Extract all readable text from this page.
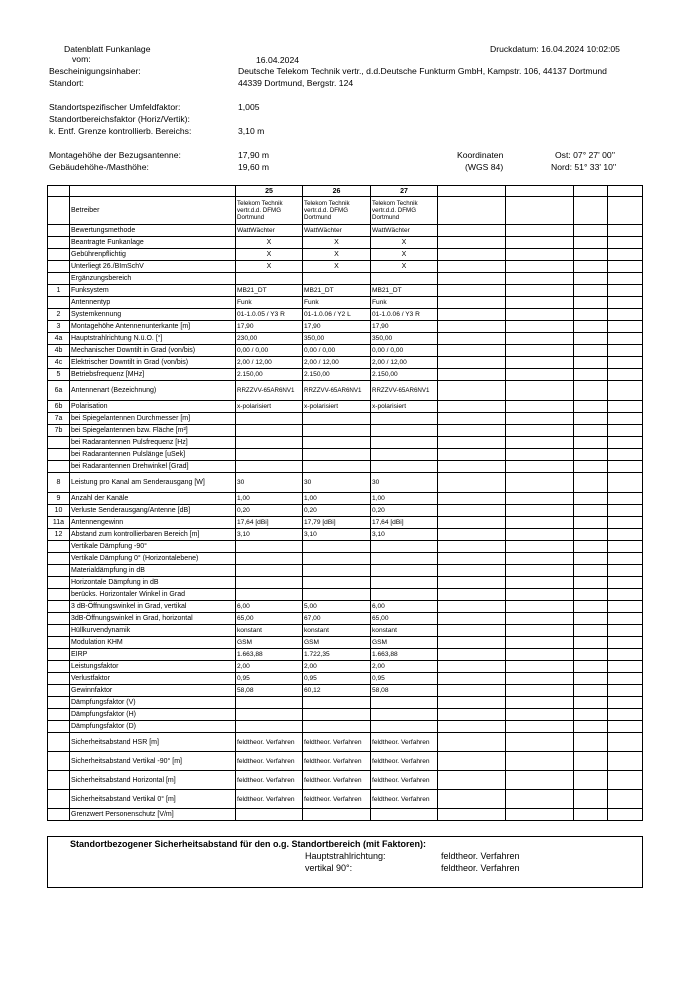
Datenblatt Funkanlage	Druckdatum: 16.04.2024 10:02:05
vom:	16.04.2024
Bescheinigungsinhaber:	Deutsche Telekom Technik vertr., d.d.Deutsche Funkturm GmbH, Kampstr. 106, 44137 Dortmund
Standort:	44339 Dortmund, Bergstr. 124
Standortspezifischer Umfeldfaktor:	1,005
Standortbereichsfaktor (Horiz/Vertik):
k. Entf. Grenze kontrollierb. Bereichs:	3,10 m
Montagehöhe der Bezugsantenne:	17,90 m
Gebäudehöhe-/Masthöhe:	19,60 m
Koordinaten
(WGS 84)
Ost: 07° 27' 00''
Nord: 51° 33' 10''
		25	26	27				
	Betreiber	Telekom Technik vertr.d.d. DFMG Dortmund	Telekom Technik vertr.d.d. DFMG Dortmund	Telekom Technik vertr.d.d. DFMG Dortmund				
	Bewertungsmethode	WattWächter	WattWächter	WattWächter				
	Beantragte Funkanlage	X	X	X				
	Gebührenpflichtig	X	X	X				
	Unterliegt 26./BImSchV	X	X	X				
	Ergänzungsbereich							
1	Funksystem	MB21_DT	MB21_DT	MB21_DT				
	Antennentyp	Funk	Funk	Funk				
2	Systemkennung	01-1.0.05 / Y3 R	01-1.0.06 / Y2 L	01-1.0.06 / Y3 R				
3	Montagehöhe Antennenunterkante [m]	17,90	17,90	17,90				
4a	Hauptstrahlrichtung N.ü.O. [°]	230,00	350,00	350,00				
4b	Mechanischer Downtilt in Grad (von/bis)	0,00 / 0,00	0,00 / 0,00	0,00 / 0,00				
4c	Elektrischer Downtilt in Grad (von/bis)	2,00 / 12,00	2,00 / 12,00	2,00 / 12,00				
5	Betriebsfrequenz [MHz]	2.150,00	2.150,00	2.150,00				
6a	Antennenart (Bezeichnung)	RRZZVV-65AR6NV1	RRZZVV-65AR6NV1	RRZZVV-65AR6NV1				
6b	Polarisation	x-polarisiert	x-polarisiert	x-polarisiert				
7a	bei Spiegelantennen Durchmesser [m]							
7b	bei Spiegelantennen bzw. Fläche [m²]							
	bei Radarantennen Pulsfrequenz [Hz]							
	bei Radarantennen Pulslänge [uSek]							
	bei Radarantennen Drehwinkel [Grad]							
8	Leistung pro Kanal am Senderausgang [W]	30	30	30				
9	Anzahl der Kanäle	1,00	1,00	1,00				
10	Verluste Senderausgang/Antenne [dB]	0,20	0,20	0,20				
11a	Antennengewinn	17,64 [dBi]	17,79 [dBi]	17,64 [dBi]				
12	Abstand zum kontrollierbaren Bereich [m]	3,10	3,10	3,10				
	Vertikale Dämpfung -90°							
	Vertikale Dämpfung 0° (Horizontalebene)							
	Materialdämpfung in dB							
	Horizontale Dämpfung in dB							
	berücks. Horizontaler Winkel in Grad							
	3 dB-Öffnungswinkel in Grad, vertikal	6,00	5,00	6,00				
	3dB-Öffnungswinkel in Grad, horizontal	65,00	67,00	65,00				
	Hüllkurvendynamik	konstant	konstant	konstant				
	Modulation KHM	GSM	GSM	GSM				
	EIRP	1.663,88	1.722,35	1.663,88				
	Leistungsfaktor	2,00	2,00	2,00				
	Verlustfaktor	0,95	0,95	0,95				
	Gewinnfaktor	58,08	60,12	58,08				
	Dämpfungsfaktor (V)							
	Dämpfungsfaktor (H)							
	Dämpfungsfaktor (D)							
	Sicherheitsabstand HSR [m]	feldtheor. Verfahren	feldtheor. Verfahren	feldtheor. Verfahren				
	Sicherheitsabstand Vertikal -90° [m]	feldtheor. Verfahren	feldtheor. Verfahren	feldtheor. Verfahren				
	Sicherheitsabstand Horizontal [m]	feldtheor. Verfahren	feldtheor. Verfahren	feldtheor. Verfahren				
	Sicherheitsabstand Vertikal 0° [m]	feldtheor. Verfahren	feldtheor. Verfahren	feldtheor. Verfahren				
	Grenzwert Personenschutz [V/m]							
Standortbezogener Sicherheitsabstand für den o.g. Standortbereich (mit Faktoren):
Hauptstrahlrichtung:	feldtheor. Verfahren
vertikal 90°:	feldtheor. Verfahren
